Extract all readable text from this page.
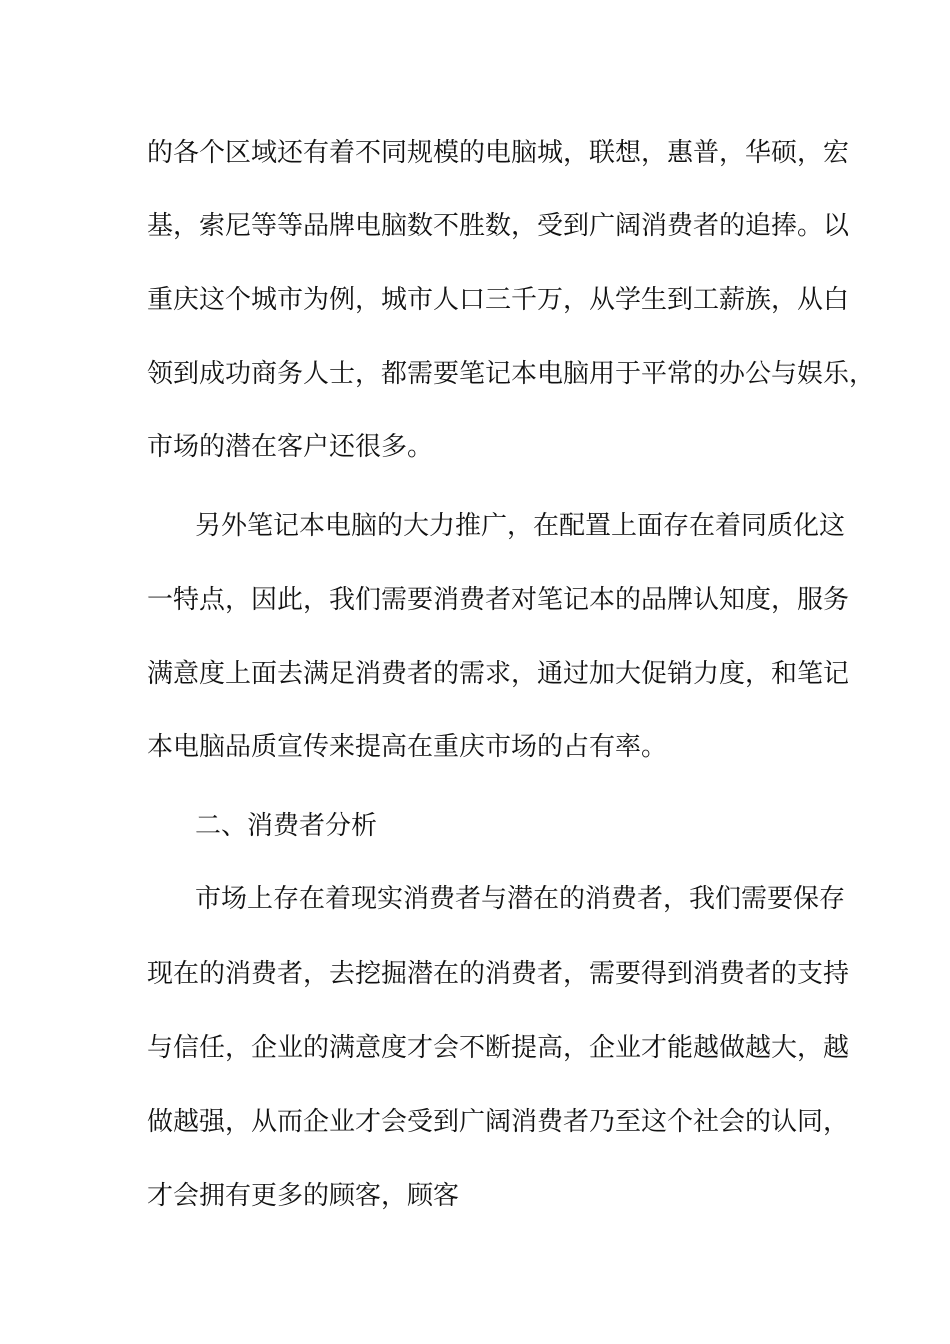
的各个区域还有着不同规模的电脑城，联想，惠普，华硕，宏
基，索尼等等品牌电脑数不胜数，受到广阔消费者的追捧。以
重庆这个城市为例，城市人口三千万，从学生到工薪族，从白
领到成功商务人士，都需要笔记本电脑用于平常的办公与娱乐，
市场的潜在客户还很多。
另外笔记本电脑的大力推广，在配置上面存在着同质化这
一特点，因此，我们需要消费者对笔记本的品牌认知度，服务
满意度上面去满足消费者的需求，通过加大促销力度，和笔记
本电脑品质宣传来提高在重庆市场的占有率。
二、消费者分析
市场上存在着现实消费者与潜在的消费者，我们需要保存
现在的消费者，去挖掘潜在的消费者，需要得到消费者的支持
与信任，企业的满意度才会不断提高，企业才能越做越大，越
做越强，从而企业才会受到广阔消费者乃至这个社会的认同，
才会拥有更多的顾客，顾客
